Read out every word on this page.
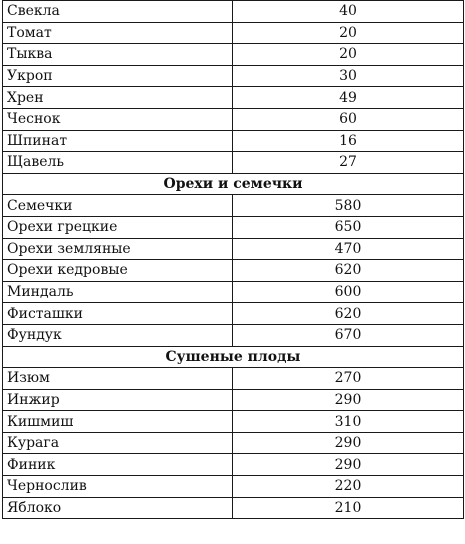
Свекла	40
Томат	20
Тыква	20
Укроп	30
Хрен	49
Чеснок	60
Шпинат	16
Щавель	27
Орехи и семечки	
Семечки	580
Орехи грецкие	650
Орехи земляные	470
Орехи кедровые	620
Миндаль	600
Фисташки	620
Фундук	670
Сушеные плоды	
Изюм	270
Инжир	290
Кишмиш	310
Курага	290
Финик	290
Чернослив	220
Яблоко	210
